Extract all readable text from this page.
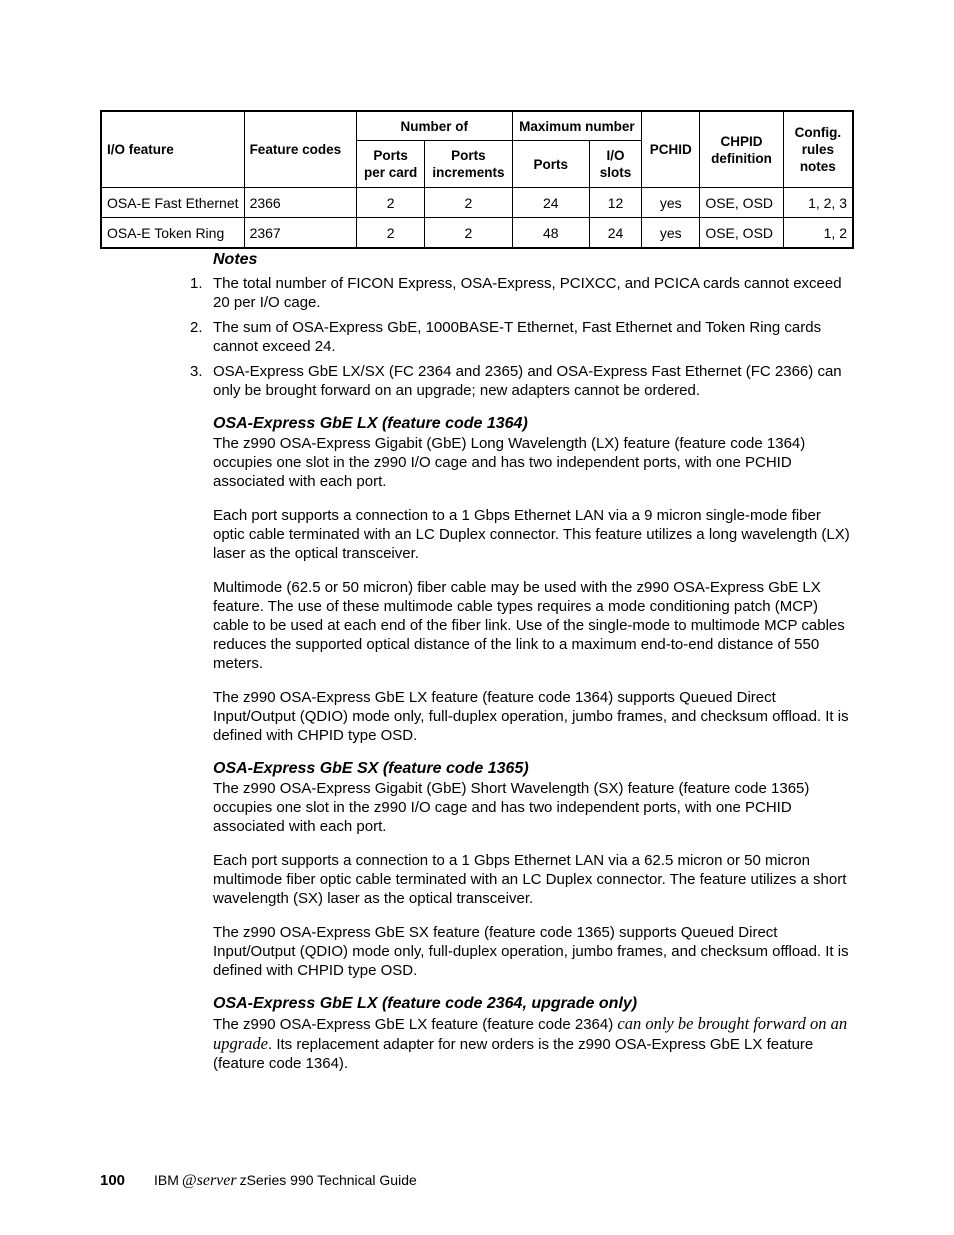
I/O feature	Feature codes	Number of		Maximum number		PCHID	CHPID definition	Config. rules notes
		Ports per card	Ports increments	Ports	I/O slots			
OSA-E Fast Ethernet	2366	2	2	24	12	yes	OSE, OSD	1, 2, 3
OSA-E Token Ring	2367	2	2	48	24	yes	OSE, OSD	1, 2
Notes
1. The total number of FICON Express, OSA-Express, PCIXCC, and PCICA cards cannot exceed 20 per I/O cage.
2. The sum of OSA-Express GbE, 1000BASE-T Ethernet, Fast Ethernet and Token Ring cards cannot exceed 24.
3. OSA-Express GbE LX/SX (FC 2364 and 2365) and OSA-Express Fast Ethernet (FC 2366) can only be brought forward on an upgrade; new adapters cannot be ordered.
OSA-Express GbE LX (feature code 1364)

The z990 OSA-Express Gigabit (GbE) Long Wavelength (LX) feature (feature code 1364) occupies one slot in the z990 I/O cage and has two independent ports, with one PCHID associated with each port.

Each port supports a connection to a 1 Gbps Ethernet LAN via a 9 micron single-mode fiber optic cable terminated with an LC Duplex connector. This feature utilizes a long wavelength (LX) laser as the optical transceiver.

Multimode (62.5 or 50 micron) fiber cable may be used with the z990 OSA-Express GbE LX feature. The use of these multimode cable types requires a mode conditioning patch (MCP) cable to be used at each end of the fiber link. Use of the single-mode to multimode MCP cables reduces the supported optical distance of the link to a maximum end-to-end distance of 550 meters.

The z990 OSA-Express GbE LX feature (feature code 1364) supports Queued Direct Input/Output (QDIO) mode only, full-duplex operation, jumbo frames, and checksum offload. It is defined with CHPID type OSD.

OSA-Express GbE SX (feature code 1365)

The z990 OSA-Express Gigabit (GbE) Short Wavelength (SX) feature (feature code 1365) occupies one slot in the z990 I/O cage and has two independent ports, with one PCHID associated with each port.

Each port supports a connection to a 1 Gbps Ethernet LAN via a 62.5 micron or 50 micron multimode fiber optic cable terminated with an LC Duplex connector. The feature utilizes a short wavelength (SX) laser as the optical transceiver.

The z990 OSA-Express GbE SX feature (feature code 1365) supports Queued Direct Input/Output (QDIO) mode only, full-duplex operation, jumbo frames, and checksum offload. It is defined with CHPID type OSD.

OSA-Express GbE LX (feature code 2364, upgrade only)

The z990 OSA-Express GbE LX feature (feature code 2364) can only be brought forward on an upgrade. Its replacement adapter for new orders is the z990 OSA-Express GbE LX feature (feature code 1364).

100	IBM @server zSeries 990 Technical Guide
